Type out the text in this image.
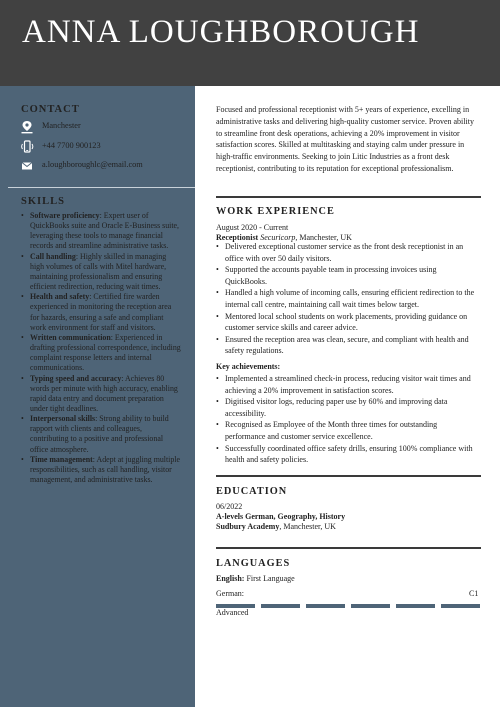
ANNA LOUGHBOROUGH
CONTACT
Manchester
+44 7700 900123
a.loughboroughlc@email.com
SKILLS
• Software proficiency: Expert user of QuickBooks suite and Oracle E-Business suite, leveraging these tools to manage financial records and streamline administrative tasks.
• Call handling: Highly skilled in managing high volumes of calls with Mitel hardware, maintaining professionalism and ensuring efficient redirection, reducing wait times.
• Health and safety: Certified fire warden experienced in monitoring the reception area for hazards, ensuring a safe and compliant work environment for staff and visitors.
• Written communication: Experienced in drafting professional correspondence, including complaint response letters and internal communications.
• Typing speed and accuracy: Achieves 80 words per minute with high accuracy, enabling rapid data entry and document preparation under tight deadlines.
• Interpersonal skills: Strong ability to build rapport with clients and colleagues, contributing to a positive and professional office atmosphere.
• Time management: Adept at juggling multiple responsibilities, such as call handling, visitor management, and administrative tasks.
Focused and professional receptionist with 5+ years of experience, excelling in administrative tasks and delivering high-quality customer service. Proven ability to streamline front desk operations, achieving a 20% improvement in visitor satisfaction scores. Skilled at multitasking and staying calm under pressure in high-traffic environments. Seeking to join Litic Industries as a front desk receptionist, contributing to its reputation for exceptional professionalism.
WORK EXPERIENCE
August 2020 - Current
Receptionist Securicorp, Manchester, UK
• Delivered exceptional customer service as the front desk receptionist in an office with over 50 daily visitors.
• Supported the accounts payable team in processing invoices using QuickBooks.
• Handled a high volume of incoming calls, ensuring efficient redirection to the internal call centre, maintaining call wait times below target.
• Mentored local school students on work placements, providing guidance on customer service skills and career advice.
• Ensured the reception area was clean, secure, and compliant with health and safety regulations.
Key achievements:
• Implemented a streamlined check-in process, reducing visitor wait times and achieving a 20% improvement in satisfaction scores.
• Digitised visitor logs, reducing paper use by 60% and improving data accessibility.
• Recognised as Employee of the Month three times for outstanding performance and customer service excellence.
• Successfully coordinated office safety drills, ensuring 100% compliance with health and safety policies.
EDUCATION
06/2022
A-levels German, Geography, History
Sudbury Academy, Manchester, UK
LANGUAGES
English: First Language
German:	C1
Advanced
